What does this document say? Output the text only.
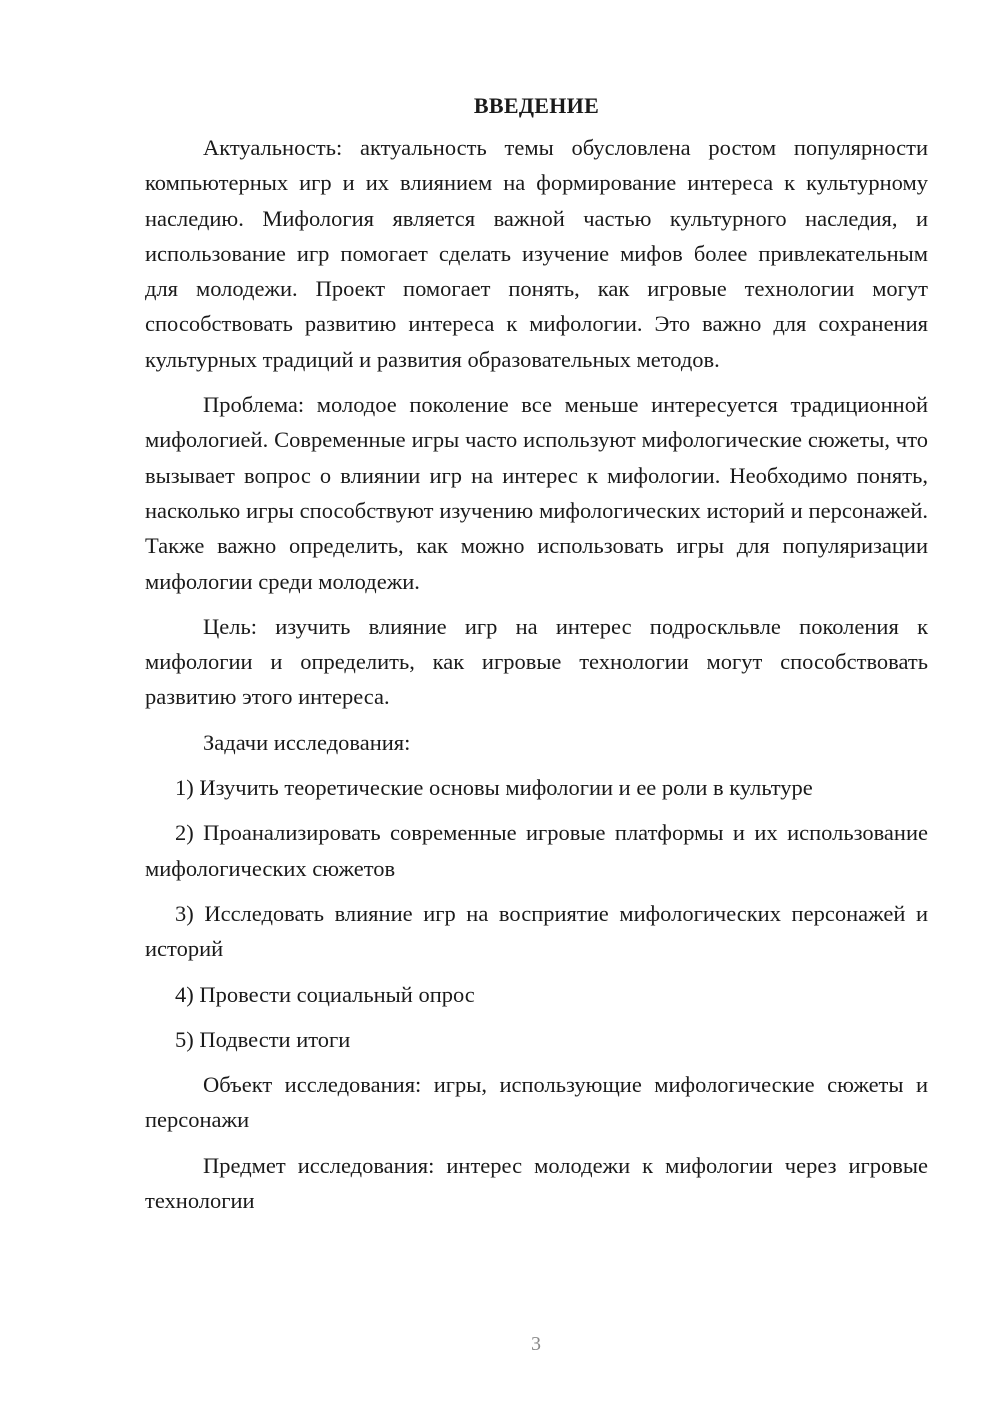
ВВЕДЕНИЕ

Актуальность: актуальность темы обусловлена ростом популярности компьютерных игр и их влиянием на формирование интереса к культурному наследию. Мифология является важной частью культурного наследия, и использование игр помогает сделать изучение мифов более привлекательным для молодежи. Проект помогает понять, как игровые технологии могут способствовать развитию интереса к мифологии. Это важно для сохранения культурных традиций и развития образовательных методов.

Проблема: молодое поколение все меньше интересуется традиционной мифологией. Современные игры часто используют мифологические сюжеты, что вызывает вопрос о влиянии игр на интерес к мифологии. Необходимо понять, насколько игры способствуют изучению мифологических историй и персонажей. Также важно определить, как можно использовать игры для популяризации мифологии среди молодежи.

Цель: изучить влияние игр на интерес подроскльвле поколения к мифологии и определить, как игровые технологии могут способствовать развитию этого интереса.

Задачи исследования:

1) Изучить теоретические основы мифологии и ее роли в культуре

2) Проанализировать современные игровые платформы и их использование мифологических сюжетов

3) Исследовать влияние игр на восприятие мифологических персонажей и историй

4) Провести социальный опрос

5) Подвести итоги

Объект исследования: игры, использующие мифологические сюжеты и персонажи

Предмет исследования: интерес молодежи к мифологии через игровые технологии

3
